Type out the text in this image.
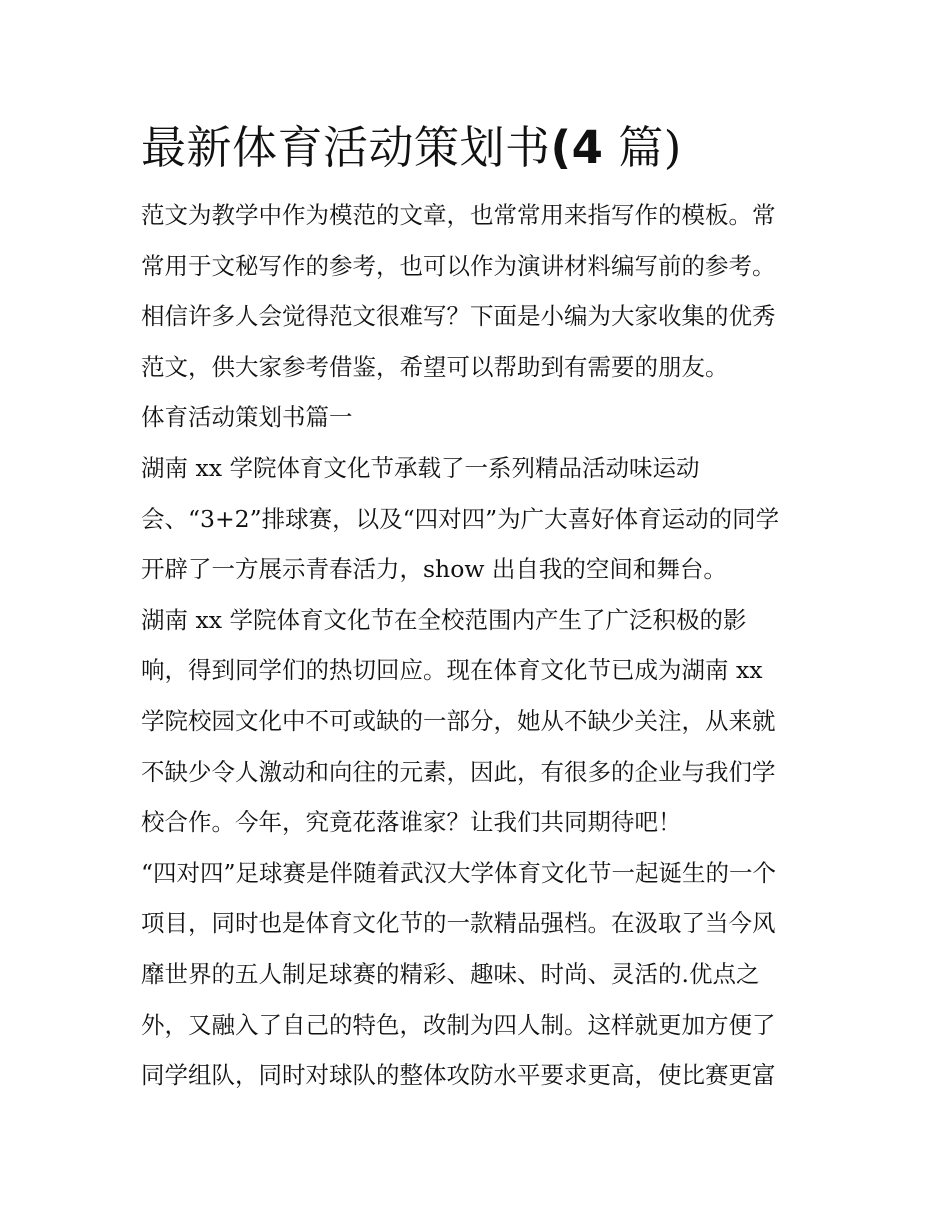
最新体育活动策划书(4 篇)
范文为教学中作为模范的文章，也常常用来指写作的模板。常
常用于文秘写作的参考，也可以作为演讲材料编写前的参考。
相信许多人会觉得范文很难写？下面是小编为大家收集的优秀
范文，供大家参考借鉴，希望可以帮助到有需要的朋友。
体育活动策划书篇一
湖南 xx 学院体育文化节承载了一系列精品活动味运动
会、“3+2”排球赛，以及“四对四”为广大喜好体育运动的同学
开辟了一方展示青春活力，show 出自我的空间和舞台。
湖南 xx 学院体育文化节在全校范围内产生了广泛积极的影
响，得到同学们的热切回应。现在体育文化节已成为湖南 xx
学院校园文化中不可或缺的一部分，她从不缺少关注，从来就
不缺少令人激动和向往的元素，因此，有很多的企业与我们学
校合作。今年，究竟花落谁家？让我们共同期待吧！
“四对四”足球赛是伴随着武汉大学体育文化节一起诞生的一个
项目，同时也是体育文化节的一款精品强档。在汲取了当今风
靡世界的五人制足球赛的精彩、趣味、时尚、灵活的.优点之
外，又融入了自己的特色，改制为四人制。这样就更加方便了
同学组队，同时对球队的整体攻防水平要求更高，使比赛更富
